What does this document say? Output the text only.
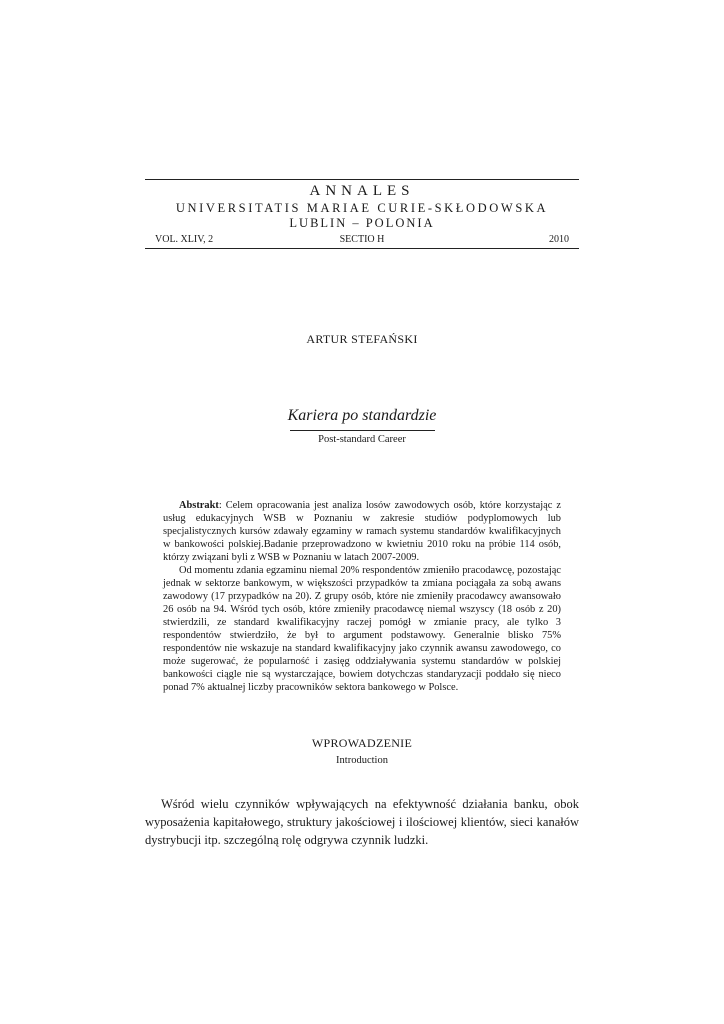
ANNALES
UNIVERSITATIS MARIAE CURIE-SKŁODOWSKA
LUBLIN – POLONIA
VOL. XLIV, 2	SECTIO H	2010
ARTUR STEFAŃSKI
Kariera po standardzie
Post-standard Career

Abstrakt: Celem opracowania jest analiza losów zawodowych osób, które korzystając z usług edukacyjnych WSB w Poznaniu w zakresie studiów podyplomowych lub specjalistycznych kursów zdawały egzaminy w ramach systemu standardów kwalifikacyjnych w bankowości polskiej.Badanie przeprowadzono w kwietniu 2010 roku na próbie 114 osób, którzy związani byli z WSB w Poznaniu w latach 2007-2009.

Od momentu zdania egzaminu niemal 20% respondentów zmieniło pracodawcę, pozostając jednak w sektorze bankowym, w większości przypadków ta zmiana pociągała za sobą awans zawodowy (17 przypadków na 20). Z grupy osób, które nie zmieniły pracodawcy awansowało 26 osób na 94. Wśród tych osób, które zmieniły pracodawcę niemal wszyscy (18 osób z 20) stwierdzili, ze standard kwalifikacyjny raczej pomógł w zmianie pracy, ale tylko 3 respondentów stwierdziło, że był to argument podstawowy. Generalnie blisko 75% respondentów nie wskazuje na standard kwalifikacyjny jako czynnik awansu zawodowego, co może sugerować, że popularność i zasięg oddziaływania systemu standardów w polskiej bankowości ciągle nie są wystarczające, bowiem dotychczas standaryzacji poddało się nieco ponad 7% aktualnej liczby pracowników sektora bankowego w Polsce.

WPROWADZENIE
Introduction

Wśród wielu czynników wpływających na efektywność działania banku, obok wyposażenia kapitałowego, struktury jakościowej i ilościowej klientów, sieci kanałów dystrybucji itp. szczególną rolę odgrywa czynnik ludzki.
